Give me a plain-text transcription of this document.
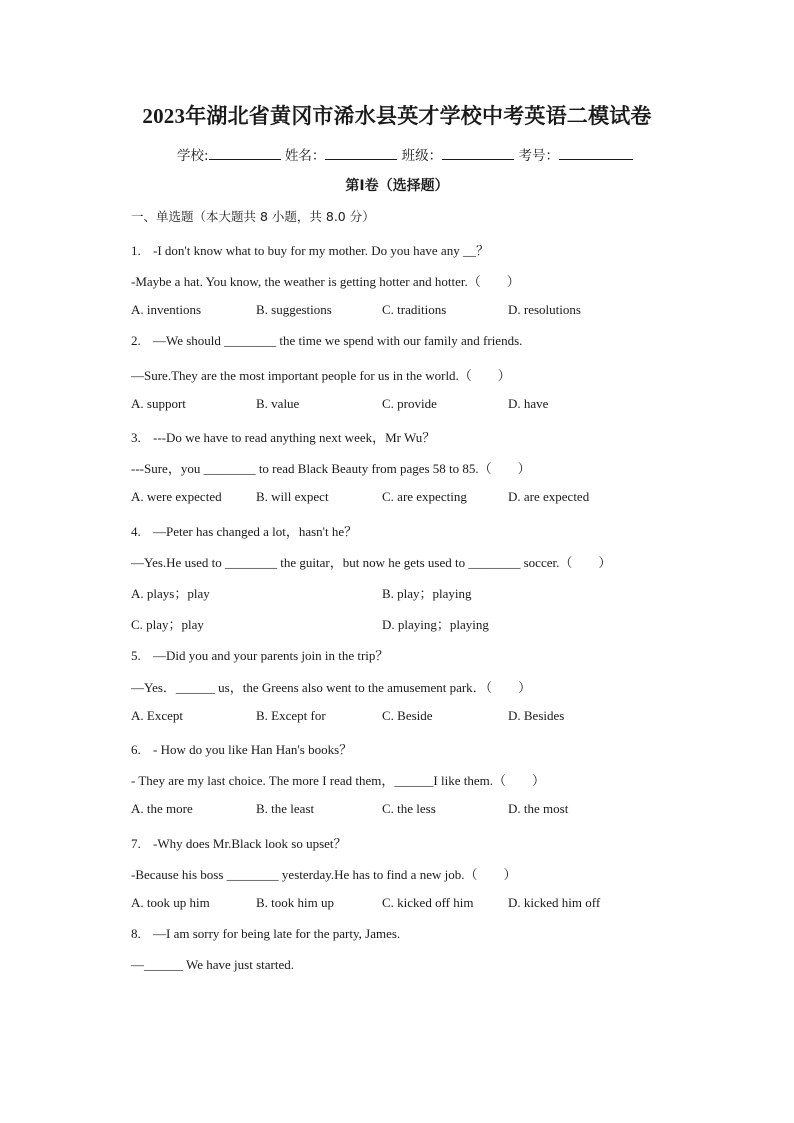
2023年湖北省黄冈市浠水县英才学校中考英语二模试卷
学校:	姓名：	班级：	考号：
第I卷（选择题）
一、单选题（本大题共 8 小题，共 8.0 分）
1. -I don't know what to buy for my mother. Do you have any __？
-Maybe a hat. You know, the weather is getting hotter and hotter.（　　）
A. inventions	B. suggestions	C. traditions	D. resolutions
2. —We should ________ the time we spend with our family and friends.
—Sure.They are the most important people for us in the world.（　　）
A. support	B. value	C. provide	D. have
3. ---Do we have to read anything next week，Mr Wu？
---Sure，you ________ to read Black Beauty from pages 58 to 85.（　　）
A. were expected	B. will expect	C. are expecting	D. are expected
4. —Peter has changed a lot，hasn't he？
—Yes.He used to ________ the guitar，but now he gets used to ________ soccer.（　　）
A. plays；play	B. play；playing
C. play；play	D. playing；playing
5. —Did you and your parents join in the trip？
—Yes．______ us，the Greens also went to the amusement park．（　　）
A. Except	B. Except for	C. Beside	D. Besides
6. - How do you like Han Han's books？
- They are my last choice. The more I read them，______I like them.（　　）
A. the more	B. the least	C. the less	D. the most
7. -Why does Mr.Black look so upset？
-Because his boss ________ yesterday.He has to find a new job.（　　）
A. took up him	B. took him up	C. kicked off him	D. kicked him off
8. —I am sorry for being late for the party, James.
—______ We have just started.
